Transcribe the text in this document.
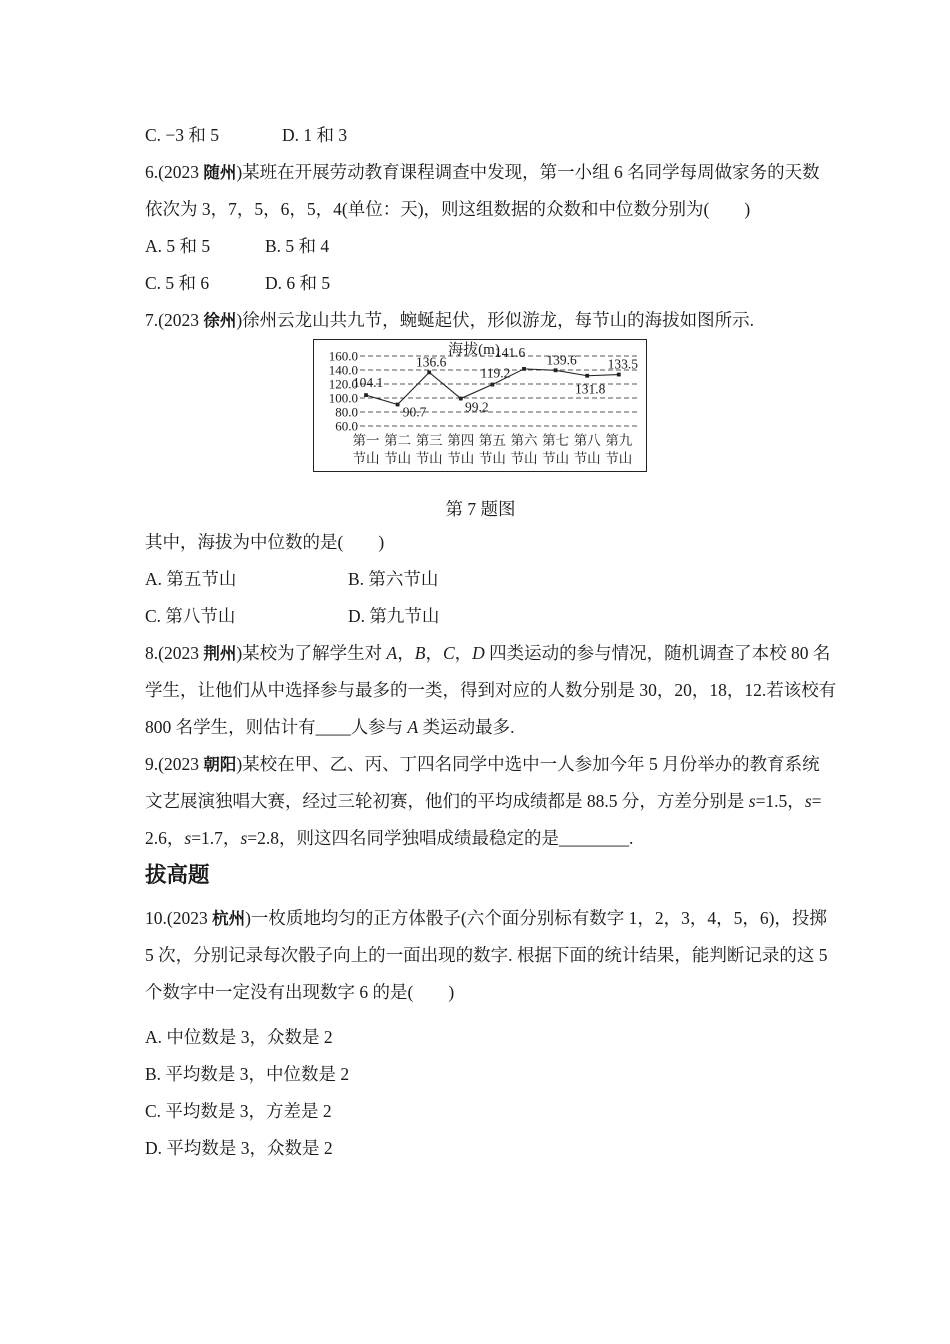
C. −3 和 5	D. 1 和 3
6.(2023 随州)某班在开展劳动教育课程调查中发现，第一小组 6 名同学每周做家务的天数
依次为 3，7，5，6，5，4(单位：天)，则这组数据的众数和中位数分别为(　　)
A. 5 和 5	B. 5 和 4
C. 5 和 6	D. 6 和 5
7.(2023 徐州)徐州云龙山共九节，蜿蜒起伏，形似游龙，每节山的海拔如图所示.
160.0
140.0
120.0
100.0
80.0
60.0
海拔(m)
104.1
90.7
136.6
99.2
119.2
141.6 139.6
131.8
133.5
第一
节山
第二
节山
第三
节山
第四
节山
第五
节山
第六
节山
第七
节山
第八
节山
第九
节山
第 7 题图
其中，海拔为中位数的是(　　)
A. 第五节山	B. 第六节山
C. 第八节山	D. 第九节山
8.(2023 荆州)某校为了解学生对 A，B，C，D 四类运动的参与情况，随机调查了本校 80 名
学生，让他们从中选择参与最多的一类，得到对应的人数分别是 30，20，18，12.若该校有
800 名学生，则估计有____人参与 A 类运动最多.
9.(2023 朝阳)某校在甲、乙、丙、丁四名同学中选中一人参加今年 5 月份举办的教育系统
文艺展演独唱大赛，经过三轮初赛，他们的平均成绩都是 88.5 分，方差分别是 s=1.5，s=
2.6，s=1.7，s=2.8，则这四名同学独唱成绩最稳定的是________.
拔高题
10.(2023 杭州)一枚质地均匀的正方体骰子(六个面分别标有数字 1，2，3，4，5，6)，投掷
5 次，分别记录每次骰子向上的一面出现的数字. 根据下面的统计结果，能判断记录的这 5
个数字中一定没有出现数字 6 的是(　　)
A. 中位数是 3，众数是 2
B. 平均数是 3，中位数是 2
C. 平均数是 3，方差是 2
D. 平均数是 3，众数是 2
